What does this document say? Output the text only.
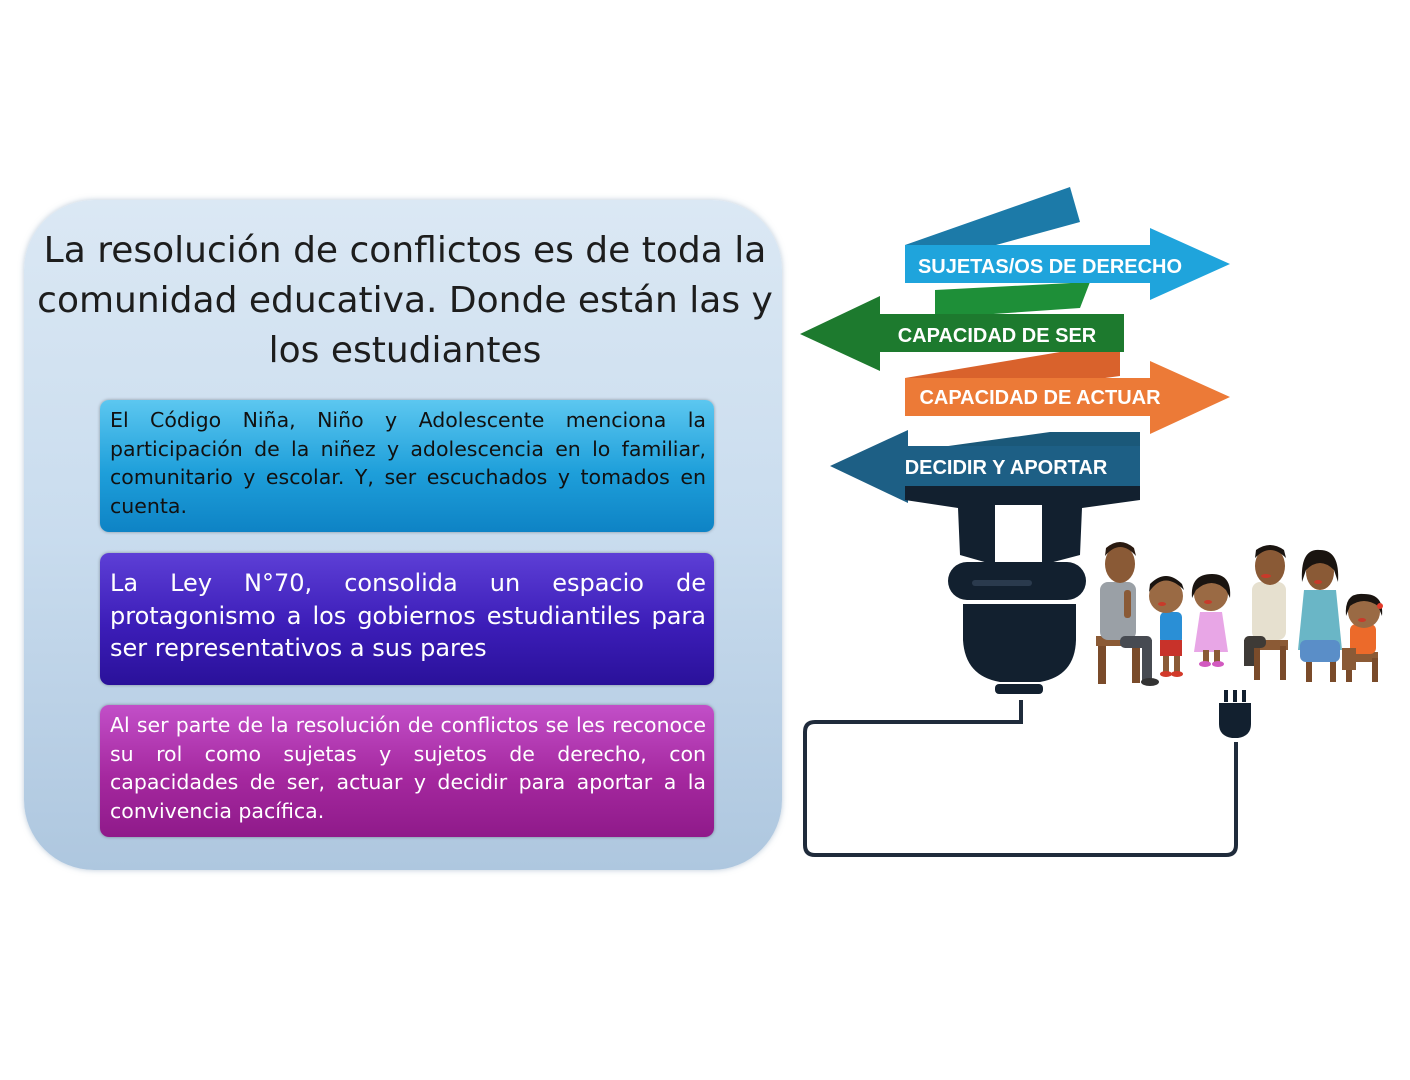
La resolución de conflictos es de toda la comunidad educativa. Donde están las y los estudiantes

El Código Niña, Niño y Adolescente menciona la participación de la niñez y adolescencia en lo familiar, comunitario y escolar. Y, ser escuchados y tomados en cuenta.

La Ley N°70, consolida un espacio de protagonismo a los gobiernos estudiantiles para ser representativos a sus pares

Al ser parte de la resolución de conflictos se les reconoce su rol como sujetas y sujetos de derecho, con capacidades de ser, actuar y decidir para aportar a la convivencia pacífica.

SUJETAS/OS DE DERECHO
CAPACIDAD DE SER
CAPACIDAD DE ACTUAR
DECIDIR Y APORTAR
